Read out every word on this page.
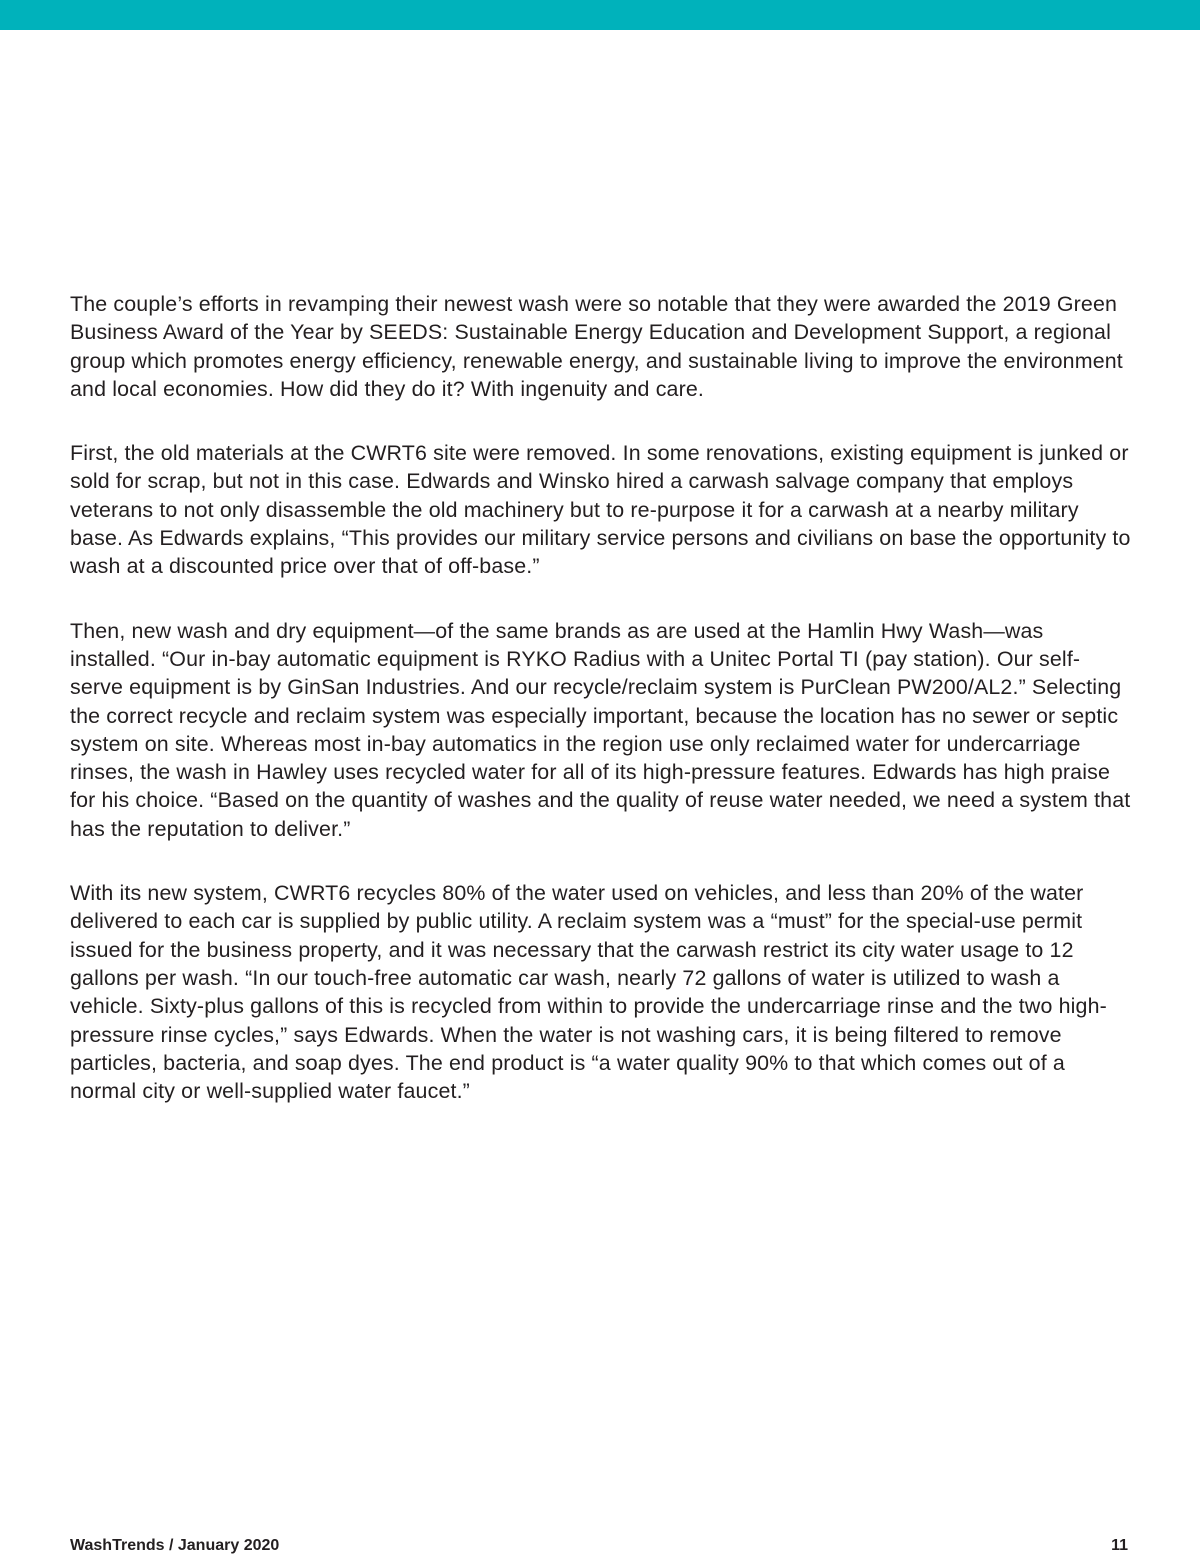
The couple’s efforts in revamping their newest wash were so notable that they were awarded the 2019 Green Business Award of the Year by SEEDS: Sustainable Energy Education and Development Support, a regional group which promotes energy efficiency, renewable energy, and sustainable living to improve the environment and local economies. How did they do it? With ingenuity and care.

First, the old materials at the CWRT6 site were removed. In some renovations, existing equipment is junked or sold for scrap, but not in this case. Edwards and Winsko hired a carwash salvage company that employs veterans to not only disassemble the old machinery but to re-purpose it for a carwash at a nearby military base. As Edwards explains, “This provides our military service persons and civilians on base the opportunity to wash at a discounted price over that of off-base.”

Then, new wash and dry equipment—of the same brands as are used at the Hamlin Hwy Wash—was installed. “Our in-bay automatic equipment is RYKO Radius with a Unitec Portal TI (pay station). Our self-serve equipment is by GinSan Industries. And our recycle/reclaim system is PurClean PW200/AL2.” Selecting the correct recycle and reclaim system was especially important, because the location has no sewer or septic system on site. Whereas most in-bay automatics in the region use only reclaimed water for undercarriage rinses, the wash in Hawley uses recycled water for all of its high-pressure features. Edwards has high praise for his choice. “Based on the quantity of washes and the quality of reuse water needed, we need a system that has the reputation to deliver.”

With its new system, CWRT6 recycles 80% of the water used on vehicles, and less than 20% of the water delivered to each car is supplied by public utility. A reclaim system was a “must” for the special-use permit issued for the business property, and it was necessary that the carwash restrict its city water usage to 12 gallons per wash. “In our touch-free automatic car wash, nearly 72 gallons of water is utilized to wash a vehicle. Sixty-plus gallons of this is recycled from within to provide the undercarriage rinse and the two high-pressure rinse cycles,” says Edwards. When the water is not washing cars, it is being filtered to remove particles, bacteria, and soap dyes. The end product is “a water quality 90% to that which comes out of a normal city or well-supplied water faucet.”

WashTrends / January 2020	11
